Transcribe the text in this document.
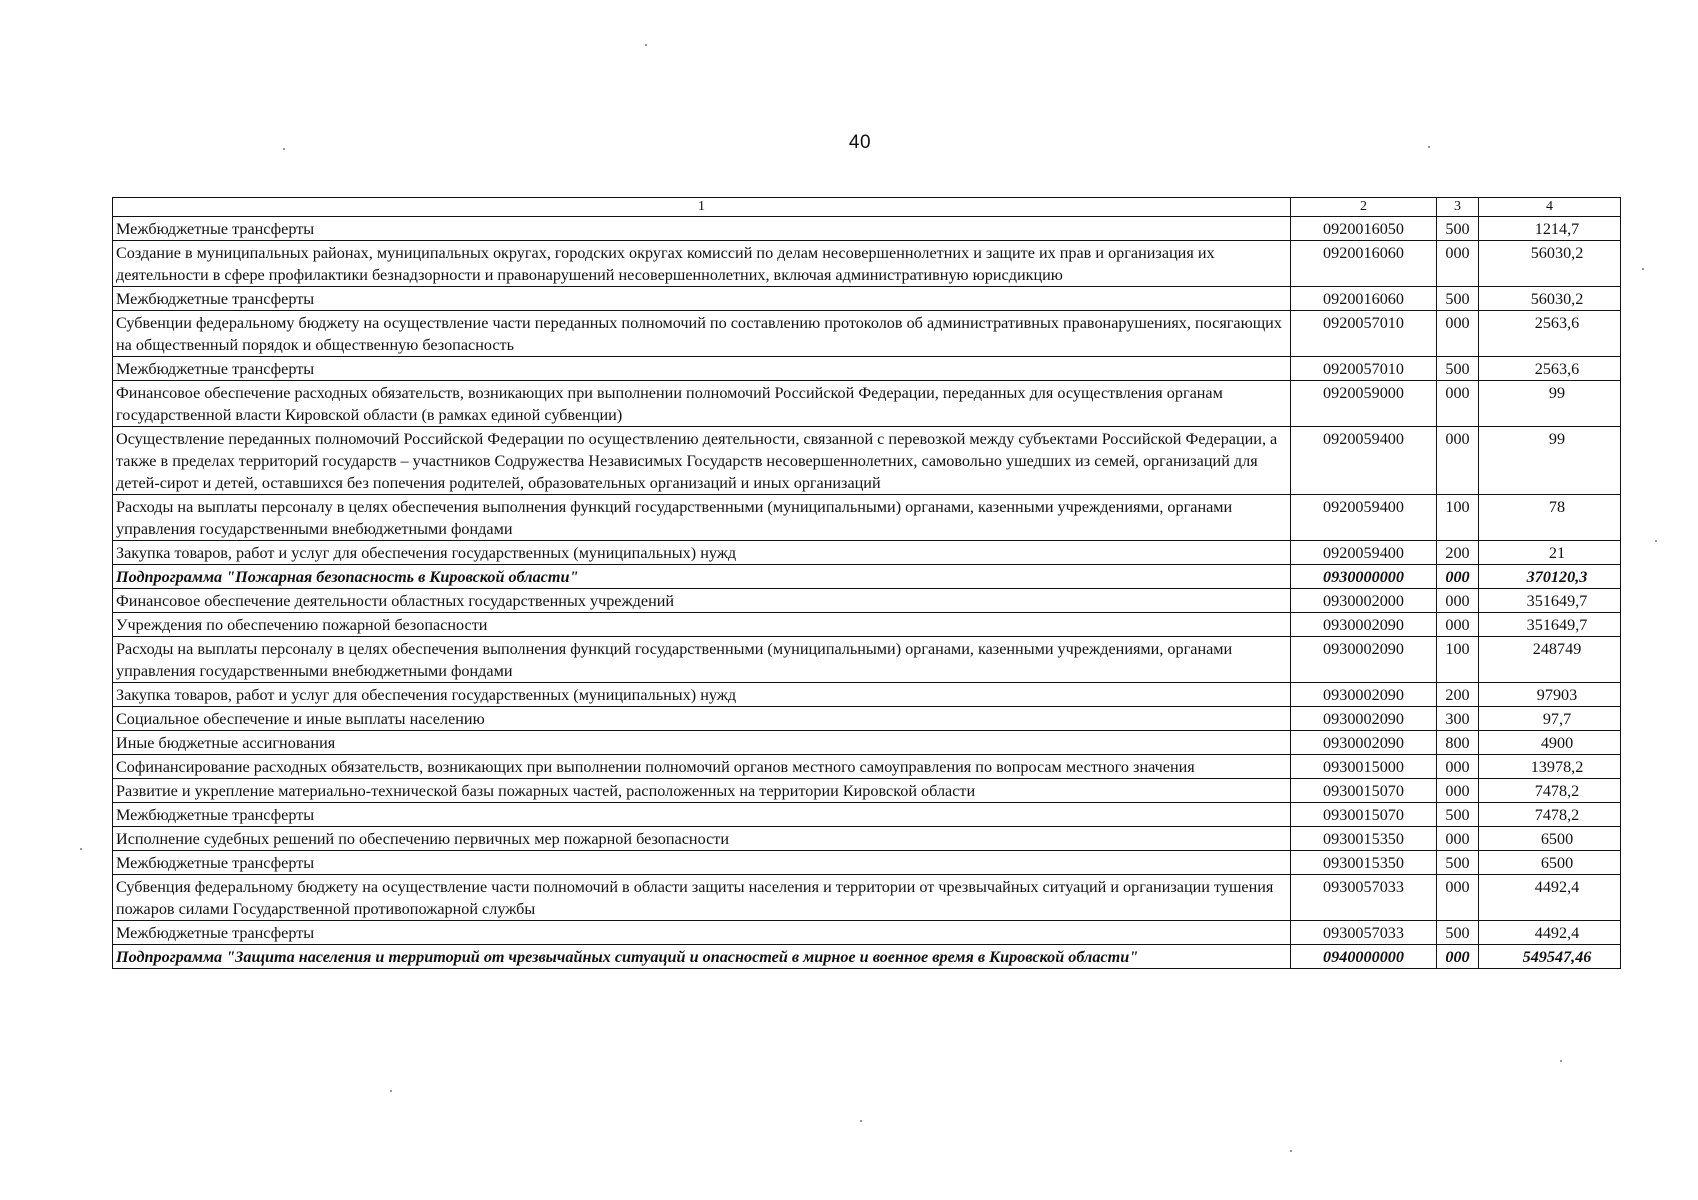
40
1	2	3	4
Межбюджетные трансферты	0920016050	500	1214,7
Создание в муниципальных районах, муниципальных округах, городских округах комиссий по делам несовершеннолетних и защите их прав и организация их деятельности в сфере профилактики безнадзорности и правонарушений несовершеннолетних, включая административную юрисдикцию	0920016060	000	56030,2
Межбюджетные трансферты	0920016060	500	56030,2
Субвенции федеральному бюджету на осуществление части переданных полномочий по составлению протоколов об административных правонарушениях, посягающих на общественный порядок и общественную безопасность	0920057010	000	2563,6
Межбюджетные трансферты	0920057010	500	2563,6
Финансовое обеспечение расходных обязательств, возникающих при выполнении полномочий Российской Федерации, переданных для осуществления органам государственной власти Кировской области (в рамках единой субвенции)	0920059000	000	99
Осуществление переданных полномочий Российской Федерации по осуществлению деятельности, связанной с перевозкой между субъектами Российской Федерации, а также в пределах территорий государств – участников Содружества Независимых Государств несовершеннолетних, самовольно ушедших из семей, организаций для детей-сирот и детей, оставшихся без попечения родителей, образовательных организаций и иных организаций	0920059400	000	99
Расходы на выплаты персоналу в целях обеспечения выполнения функций государственными (муниципальными) органами, казенными учреждениями, органами управления государственными внебюджетными фондами	0920059400	100	78
Закупка товаров, работ и услуг для обеспечения государственных (муниципальных) нужд	0920059400	200	21
Подпрограмма "Пожарная безопасность в Кировской области"	0930000000	000	370120,3
Финансовое обеспечение деятельности областных государственных учреждений	0930002000	000	351649,7
Учреждения по обеспечению пожарной безопасности	0930002090	000	351649,7
Расходы на выплаты персоналу в целях обеспечения выполнения функций государственными (муниципальными) органами, казенными учреждениями, органами управления государственными внебюджетными фондами	0930002090	100	248749
Закупка товаров, работ и услуг для обеспечения государственных (муниципальных) нужд	0930002090	200	97903
Социальное обеспечение и иные выплаты населению	0930002090	300	97,7
Иные бюджетные ассигнования	0930002090	800	4900
Софинансирование расходных обязательств, возникающих при выполнении полномочий органов местного самоуправления по вопросам местного значения	0930015000	000	13978,2
Развитие и укрепление материально-технической базы пожарных частей, расположенных на территории Кировской области	0930015070	000	7478,2
Межбюджетные трансферты	0930015070	500	7478,2
Исполнение судебных решений по обеспечению первичных мер пожарной безопасности	0930015350	000	6500
Межбюджетные трансферты	0930015350	500	6500
Субвенция федеральному бюджету на осуществление части полномочий в области защиты населения и территории от чрезвычайных ситуаций и организации тушения пожаров силами Государственной противопожарной службы	0930057033	000	4492,4
Межбюджетные трансферты	0930057033	500	4492,4
Подпрограмма "Защита населения и территорий от чрезвычайных ситуаций и опасностей в мирное и военное время в Кировской области"	0940000000	000	549547,46
